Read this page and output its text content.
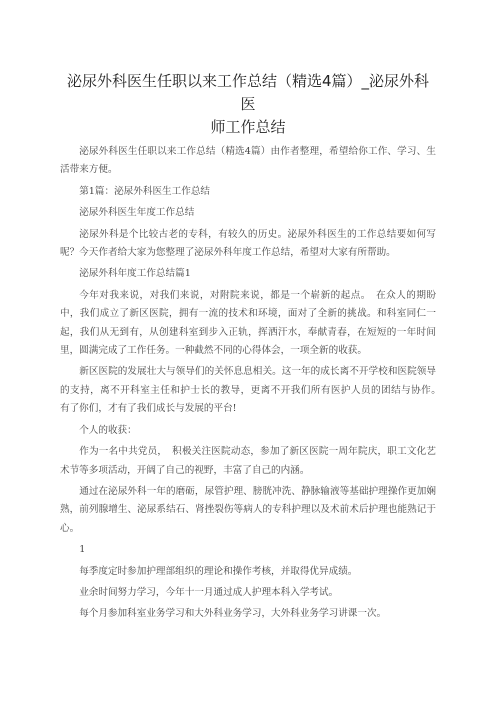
泌尿外科医生任职以来工作总结（精选4篇）_泌尿外科医
师工作总结

泌尿外科医生任职以来工作总结（精选4篇）由作者整理，希望给你工作、学习、生活带来方便。

第1篇：泌尿外科医生工作总结

泌尿外科医生年度工作总结

泌尿外科是个比较古老的专科，有较久的历史。泌尿外科医生的工作总结要如何写呢？今天作者给大家为您整理了泌尿外科年度工作总结，希望对大家有所帮助。

泌尿外科年度工作总结篇1

今年对我来说，对我们来说，对附院来说，都是一个崭新的起点。　在众人的期盼中，我们成立了新区医院，拥有一流的技术和环境，面对了全新的挑战。和科室同仁一起，我们从无到有，从创建科室到步入正轨，挥洒汗水，奉献青春，在短短的一年时间里，圆满完成了工作任务。一种截然不同的心得体会，一项全新的收获。

新区医院的发展壮大与领导们的关怀息息相关。这一年的成长离不开学校和医院领导的支持，离不开科室主任和护士长的教导，更离不开我们所有医护人员的团结与协作。　有了你们，才有了我们成长与发展的平台!

个人的收获：

作为一名中共党员，　积极关注医院动态，参加了新区医院一周年院庆，职工文化艺术节等多项活动，开阔了自己的视野，丰富了自己的内涵。

通过在泌尿外科一年的磨砺，尿管护理、膀胱冲洗、静脉输液等基础护理操作更加娴熟，前列腺增生、泌尿系结石、肾挫裂伤等病人的专科护理以及术前术后护理也能熟记于心。

1

每季度定时参加护理部组织的理论和操作考核，并取得优异成绩。

业余时间努力学习，今年十一月通过成人护理本科入学考试。

每个月参加科室业务学习和大外科业务学习，大外科业务学习讲课一次。
